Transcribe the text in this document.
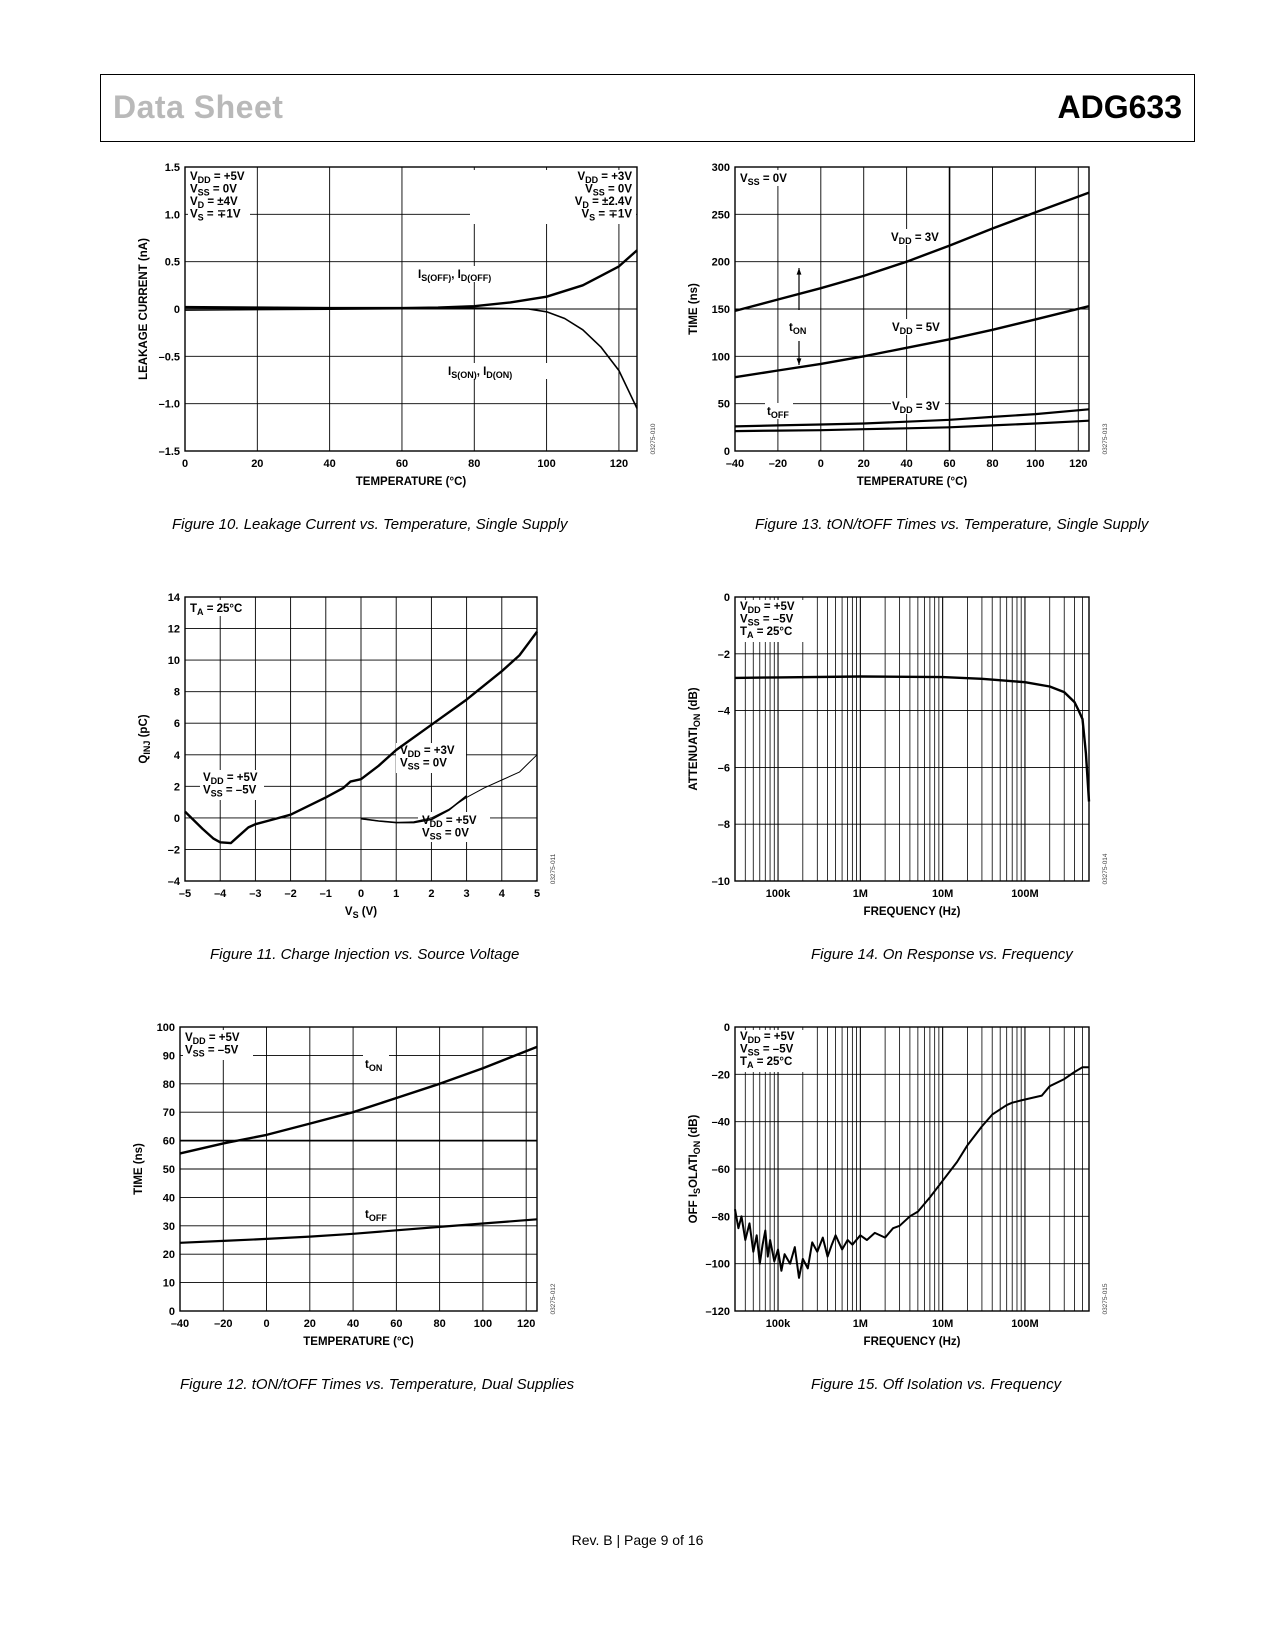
Data Sheet	ADG633
0	20	40	60	80	100	120
–1.5
–1.0
–0.5
0
0.5
1.0
1.5
TEMPERATURE (°C)
LEAKAGE CURRENT (nA)
03275-010
VDD = +5V
VSS = 0V
VD = ±4V
VS = ∓1V
VDD = +3V
VSS = 0V
VD = ±2.4V
VS = ∓1V
IS(OFF), ID(OFF)
IS(ON), ID(ON)
Figure 10. Leakage Current vs. Temperature, Single Supply
–40 –20	0	20	40	60	80	100 120
0
50
100
150
200
250
300
TEMPERATURE (°C)
TIME (ns)
03275-013
VSS = 0V
VDD = 3V
tON	VDD = 5V
tOFF
VDD = 3V
Figure 13. tON/tOFF Times vs. Temperature, Single Supply
–5 –4 –3 –2 –1 0	1	2	3	4	5
–4
–2
0
2
4
6
8
10
12
14
VS (V)
QINJ (pC)
03275-011
TA = 25°C
VDD = +5V
VSS = –5V
VDD = +3V
VSS = 0V
VDD = +5V
VSS = 0V
Figure 11. Charge Injection vs. Source Voltage
100k	1M	10M	100M
–10
–8
–6
–4
–2
0
FREQUENCY (Hz)
ATTENUATION (dB)
03275-014
VDD = +5V
VSS = –5V
TA = 25°C
Figure 14. On Response vs. Frequency
–40 –20	0	20	40	60	80	100 120
0
10
20
30
40
50
60
70
80
90
100
TEMPERATURE (°C)
TIME (ns)
03275-012
VDD = +5V
VSS = –5V
tON
tOFF
Figure 12. tON/tOFF Times vs. Temperature, Dual Supplies
100k	1M	10M	100M
–120
–100
–80
–60
–40
–20
0
FREQUENCY (Hz)
OFF ISOLATION (dB)
03275-015
VDD = +5V
VSS = –5V
TA = 25°C
Figure 15. Off Isolation vs. Frequency
Rev. B | Page 9 of 16
